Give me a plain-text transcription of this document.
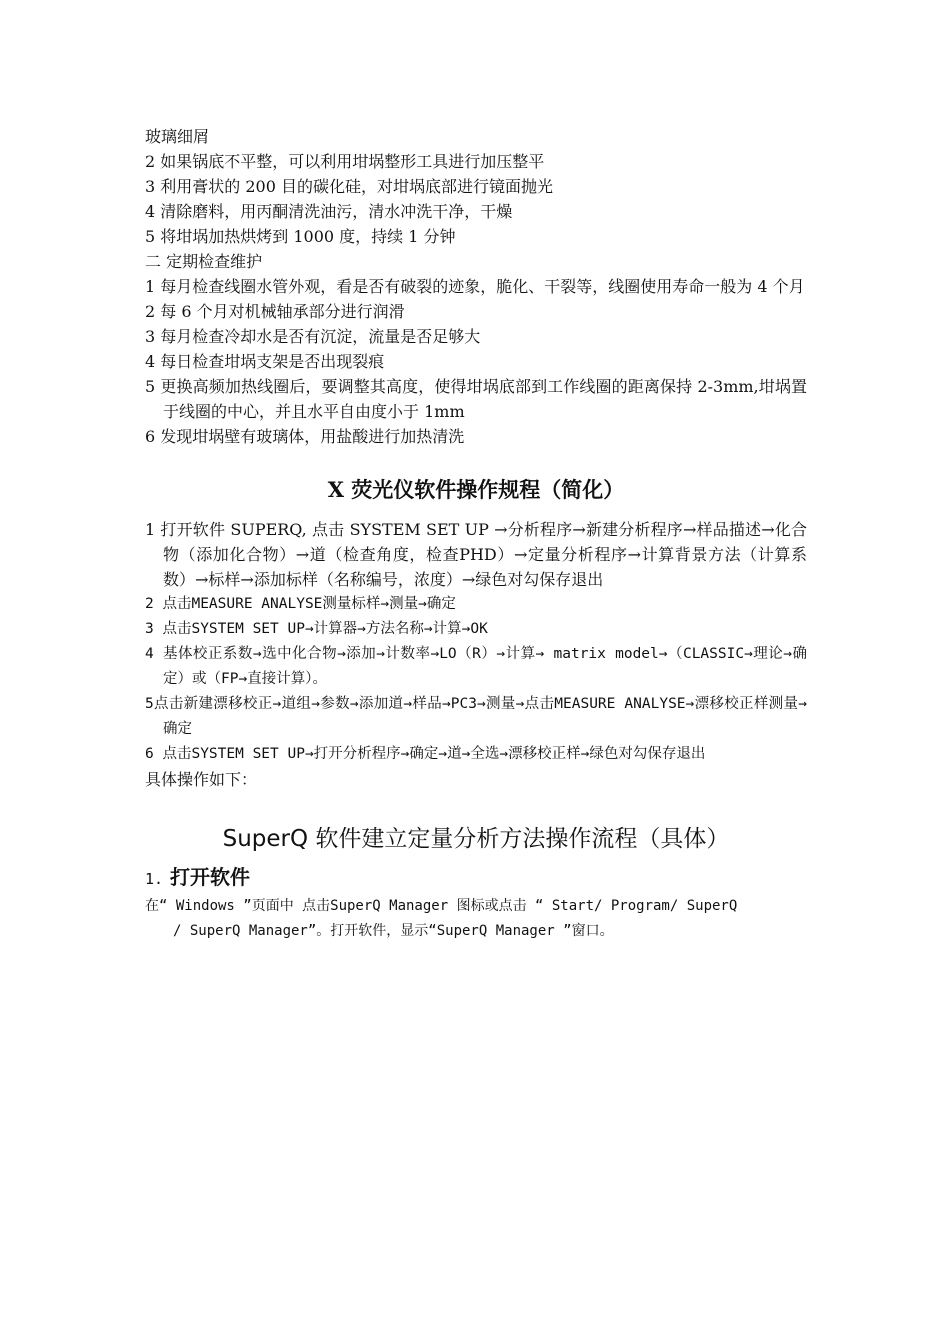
玻璃细屑
2 如果锅底不平整，可以利用坩埚整形工具进行加压整平
3 利用膏状的 200 目的碳化硅，对坩埚底部进行镜面抛光
4 清除磨料，用丙酮清洗油污，清水冲洗干净，干燥
5 将坩埚加热烘烤到 1000 度，持续 1 分钟
二 定期检查维护

1 每月检查线圈水管外观，看是否有破裂的迹象，脆化、干裂等，线圈使用寿命一般为 4 个月

2 每 6 个月对机械轴承部分进行润滑

3 每月检查冷却水是否有沉淀，流量是否足够大

4 每日检查坩埚支架是否出现裂痕

5 更换高频加热线圈后，要调整其高度，使得坩埚底部到工作线圈的距离保持 2-3mm,坩埚置于线圈的中心，并且水平自由度小于 1mm

6 发现坩埚壁有玻璃体，用盐酸进行加热清洗

X 荧光仪软件操作规程（简化）

1 打开软件 SUPERQ, 点击 SYSTEM SET UP →分析程序→新建分析程序→样品描述→化合物（添加化合物）→道（检查角度，检查PHD）→定量分析程序→计算背景方法（计算系数）→标样→添加标样（名称编号，浓度）→绿色对勾保存退出

2 点击MEASURE ANALYSE测量标样→测量→确定

3 点击SYSTEM SET UP→计算器→方法名称→计算→OK

4 基体校正系数→选中化合物→添加→计数率→LO（R）→计算→ matrix model→（CLASSIC→理论→确定）或（FP→直接计算）。

5点击新建漂移校正→道组→参数→添加道→样品→PC3→测量→点击MEASURE ANALYSE→漂移校正样测量→确定

6 点击SYSTEM SET UP→打开分析程序→确定→道→全选→漂移校正样→绿色对勾保存退出

具体操作如下：
SuperQ 软件建立定量分析方法操作流程（具体）
1. 打开软件

在“ Windows ”页面中 点击SuperQ Manager 图标或点击 “ Start/ Program/ SuperQ

/ SuperQ Manager”。打开软件，显示“SuperQ Manager ”窗口。
